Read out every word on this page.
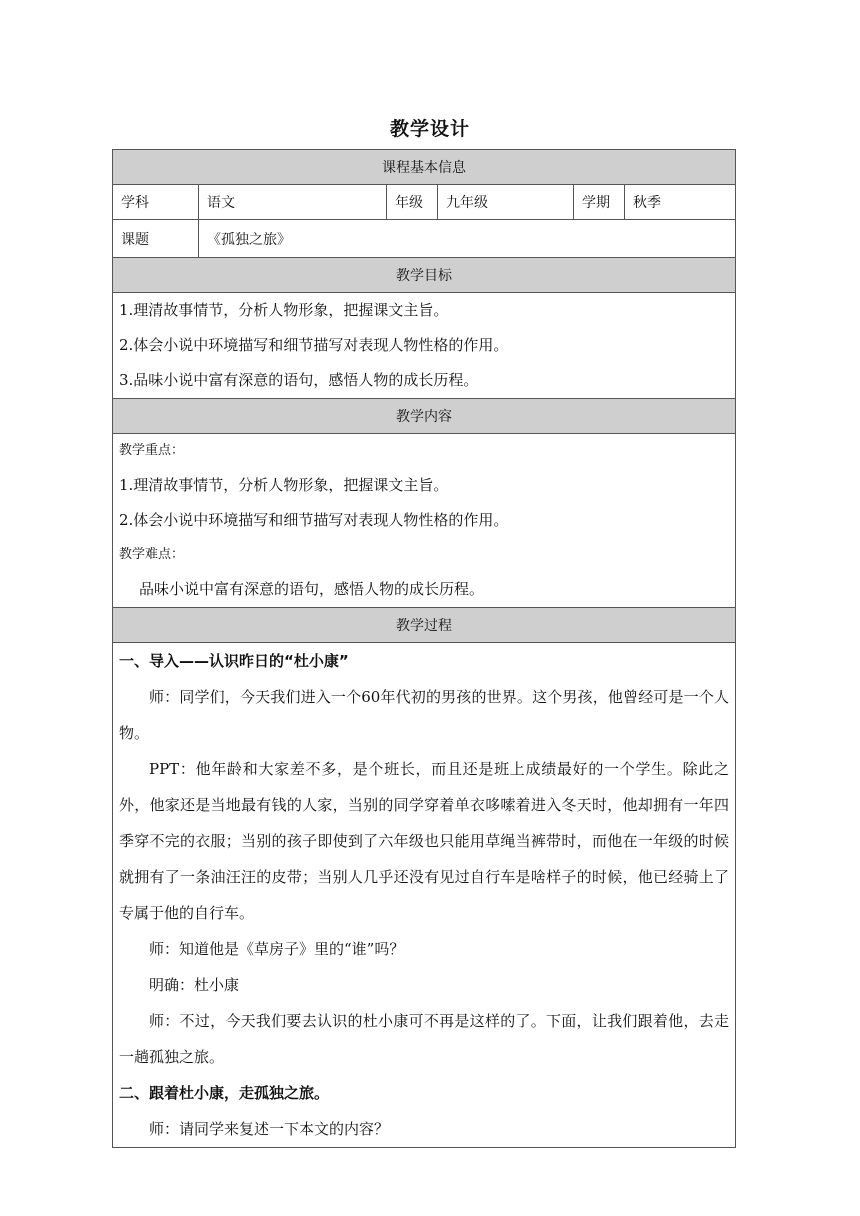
教学设计
课程基本信息
学科	语文	年级	九年级	学期	秋季
课题	《孤独之旅》
教学目标
1.理清故事情节，分析人物形象，把握课文主旨。
2.体会小说中环境描写和细节描写对表现人物性格的作用。
3.品味小说中富有深意的语句，感悟人物的成长历程。
教学内容
教学重点：
1.理清故事情节，分析人物形象，把握课文主旨。
2.体会小说中环境描写和细节描写对表现人物性格的作用。
教学难点：
品味小说中富有深意的语句，感悟人物的成长历程。
教学过程
一、导入——认识昨日的“杜小康”
师：同学们，今天我们进入一个60年代初的男孩的世界。这个男孩，他曾经可是一个人物。
PPT：他年龄和大家差不多，是个班长，而且还是班上成绩最好的一个学生。除此之外，他家还是当地最有钱的人家，当别的同学穿着单衣哆嗦着进入冬天时，他却拥有一年四季穿不完的衣服；当别的孩子即使到了六年级也只能用草绳当裤带时，而他在一年级的时候就拥有了一条油汪汪的皮带；当别人几乎还没有见过自行车是啥样子的时候，他已经骑上了专属于他的自行车。
师：知道他是《草房子》里的“谁”吗？
明确：杜小康
师：不过，今天我们要去认识的杜小康可不再是这样的了。下面，让我们跟着他，去走一趟孤独之旅。
二、跟着杜小康，走孤独之旅。
师：请同学来复述一下本文的内容？
